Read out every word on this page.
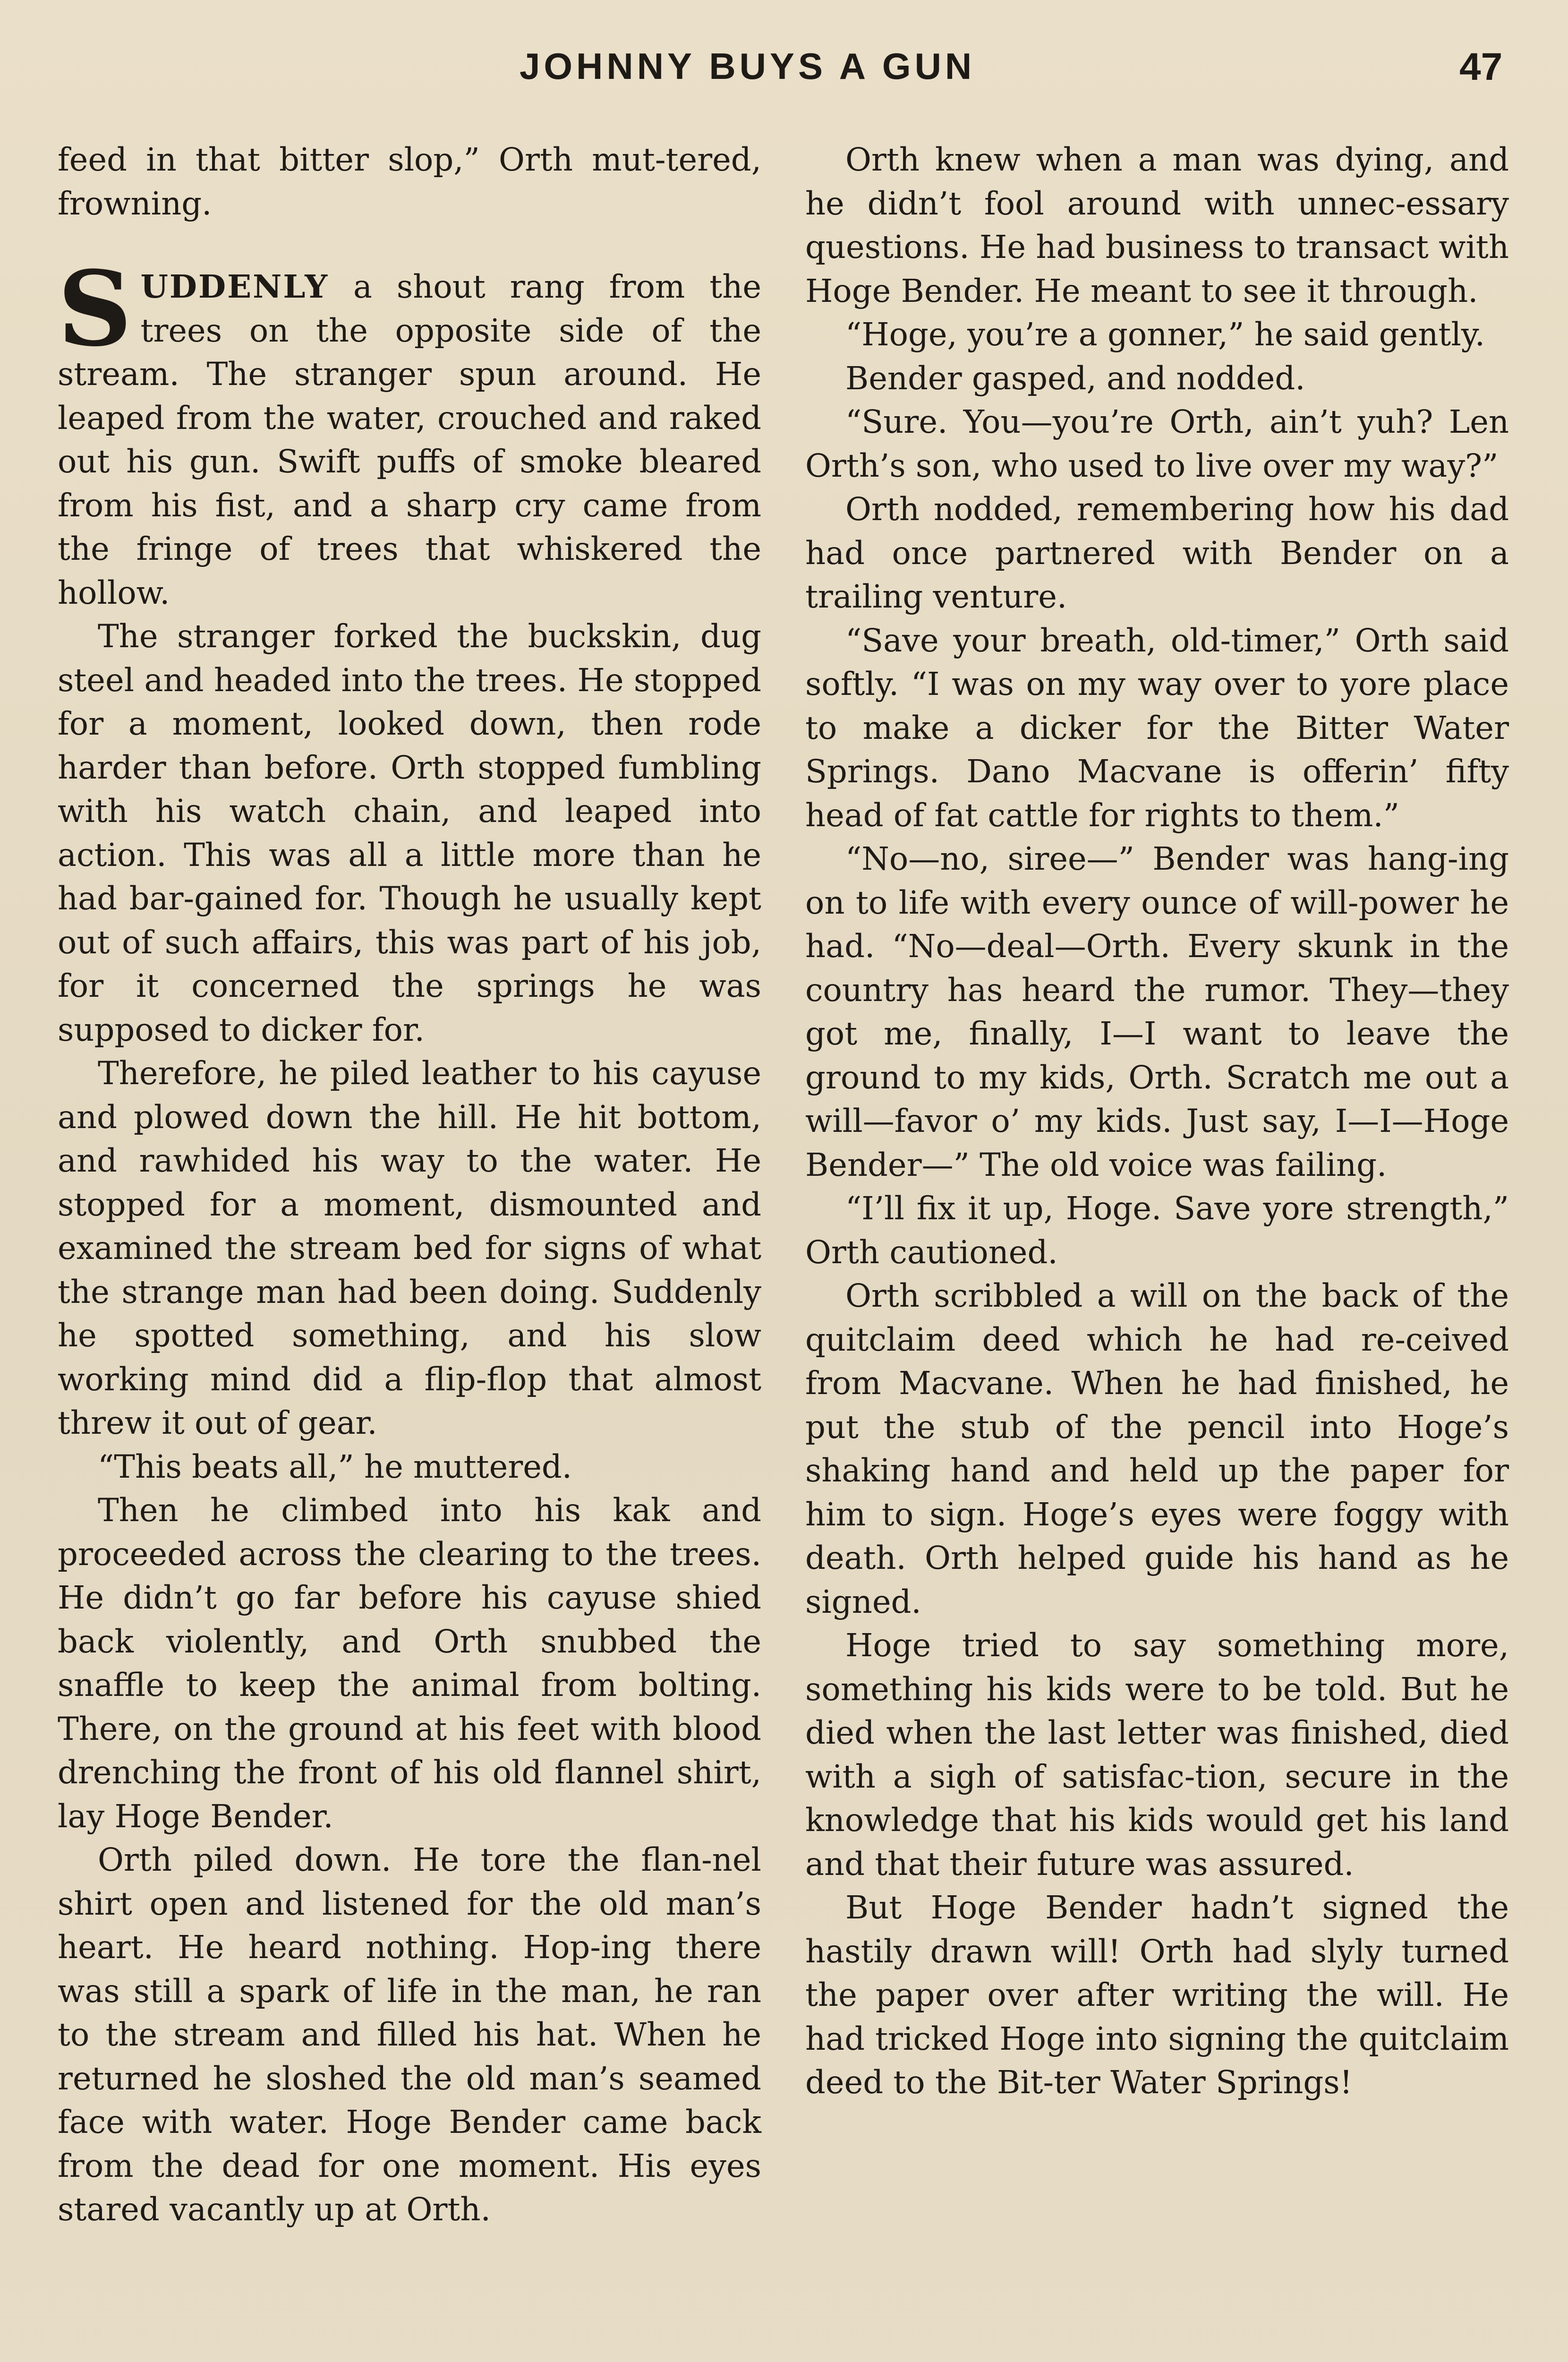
JOHNNY BUYS A GUN	47

feed in that bitter slop,” Orth mut-tered, frowning.

SUDDENLY a shout rang from the trees on the opposite side of the stream. The stranger spun around. He leaped from the water, crouched and raked out his gun. Swift puffs of smoke bleared from his fist, and a sharp cry came from the fringe of trees that whiskered the hollow.

The stranger forked the buckskin, dug steel and headed into the trees. He stopped for a moment, looked down, then rode harder than before. Orth stopped fumbling with his watch chain, and leaped into action. This was all a little more than he had bar-gained for. Though he usually kept out of such affairs, this was part of his job, for it concerned the springs he was supposed to dicker for.

Therefore, he piled leather to his cayuse and plowed down the hill. He hit bottom, and rawhided his way to the water. He stopped for a moment, dismounted and examined the stream bed for signs of what the strange man had been doing. Suddenly he spotted something, and his slow working mind did a flip-flop that almost threw it out of gear.

“This beats all,” he muttered.

Then he climbed into his kak and proceeded across the clearing to the trees. He didn’t go far before his cayuse shied back violently, and Orth snubbed the snaffle to keep the animal from bolting. There, on the ground at his feet with blood drenching the front of his old flannel shirt, lay Hoge Bender.

Orth piled down. He tore the flan-nel shirt open and listened for the old man’s heart. He heard nothing. Hop-ing there was still a spark of life in the man, he ran to the stream and filled his hat. When he returned he sloshed the old man’s seamed face with water. Hoge Bender came back from the dead for one moment. His eyes stared vacantly up at Orth.

Orth knew when a man was dying, and he didn’t fool around with unnec-essary questions. He had business to transact with Hoge Bender. He meant to see it through.

“Hoge, you’re a gonner,” he said gently.

Bender gasped, and nodded.

“Sure. You—you’re Orth, ain’t yuh? Len Orth’s son, who used to live over my way?”

Orth nodded, remembering how his dad had once partnered with Bender on a trailing venture.

“Save your breath, old-timer,” Orth said softly. “I was on my way over to yore place to make a dicker for the Bitter Water Springs. Dano Macvane is offerin’ fifty head of fat cattle for rights to them.”

“No—no, siree—” Bender was hang-ing on to life with every ounce of will-power he had. “No—deal—Orth. Every skunk in the country has heard the rumor. They—they got me, finally, I—I want to leave the ground to my kids, Orth. Scratch me out a will—favor o’ my kids. Just say, I—I—Hoge Bender—” The old voice was failing.

“I’ll fix it up, Hoge. Save yore strength,” Orth cautioned.

Orth scribbled a will on the back of the quitclaim deed which he had re-ceived from Macvane. When he had finished, he put the stub of the pencil into Hoge’s shaking hand and held up the paper for him to sign. Hoge’s eyes were foggy with death. Orth helped guide his hand as he signed.

Hoge tried to say something more, something his kids were to be told. But he died when the last letter was finished, died with a sigh of satisfac-tion, secure in the knowledge that his kids would get his land and that their future was assured.

But Hoge Bender hadn’t signed the hastily drawn will! Orth had slyly turned the paper over after writing the will. He had tricked Hoge into signing the quitclaim deed to the Bit-ter Water Springs!
